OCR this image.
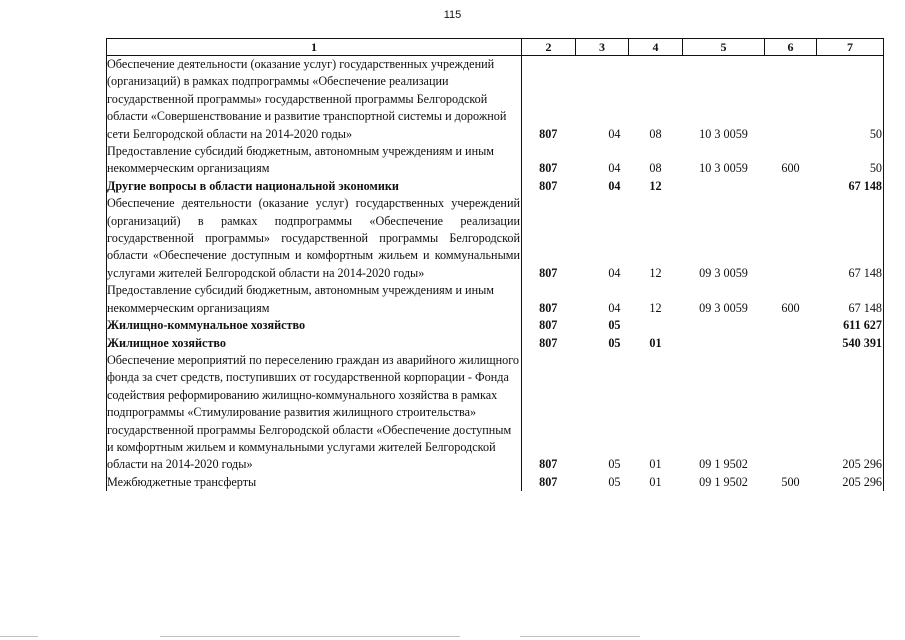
115
1	2	3	4	5	6	7
Обеспечение деятельности (оказание услуг) государственных учреждений (организаций) в рамках подпрограммы «Обеспечение реализации государственной программы» государственной программы Белгородской области «Совершенствование и развитие транспортной системы и дорожной сети Белгородской области на 2014-2020 годы»	807	04	08	10 3 0059		50
Предоставление субсидий бюджетным, автономным учреждениям и иным некоммерческим организациям	807	04	08	10 3 0059	600	50
Другие вопросы в области национальной экономики	807	04	12			67 148
Обеспечение деятельности (оказание услуг) государственных учереждений (организаций) в рамках подпрограммы «Обеспечение реализации государственной программы» государственной программы Белгородской области «Обеспечение доступным и комфортным жильем и коммунальными услугами жителей Белгородской области на 2014-2020 годы»	807	04	12	09 3 0059		67 148
Предоставление субсидий бюджетным, автономным учреждениям и иным некоммерческим организациям	807	04	12	09 3 0059	600	67 148
Жилищно-коммунальное хозяйство	807	05				611 627
Жилищное хозяйство	807	05	01			540 391
Обеспечение мероприятий по переселению граждан из аварийного жилищного фонда за счет средств, поступивших от государственной корпорации - Фонда содействия реформированию жилищно-коммунального хозяйства в рамках подпрограммы «Стимулирование развития жилищного строительства» государственной программы Белгородской области «Обеспечение доступным и комфортным жильем и коммунальными услугами жителей Белгородской области на 2014-2020 годы»	807	05	01	09 1 9502		205 296
Межбюджетные трансферты	807	05	01	09 1 9502	500	205 296
